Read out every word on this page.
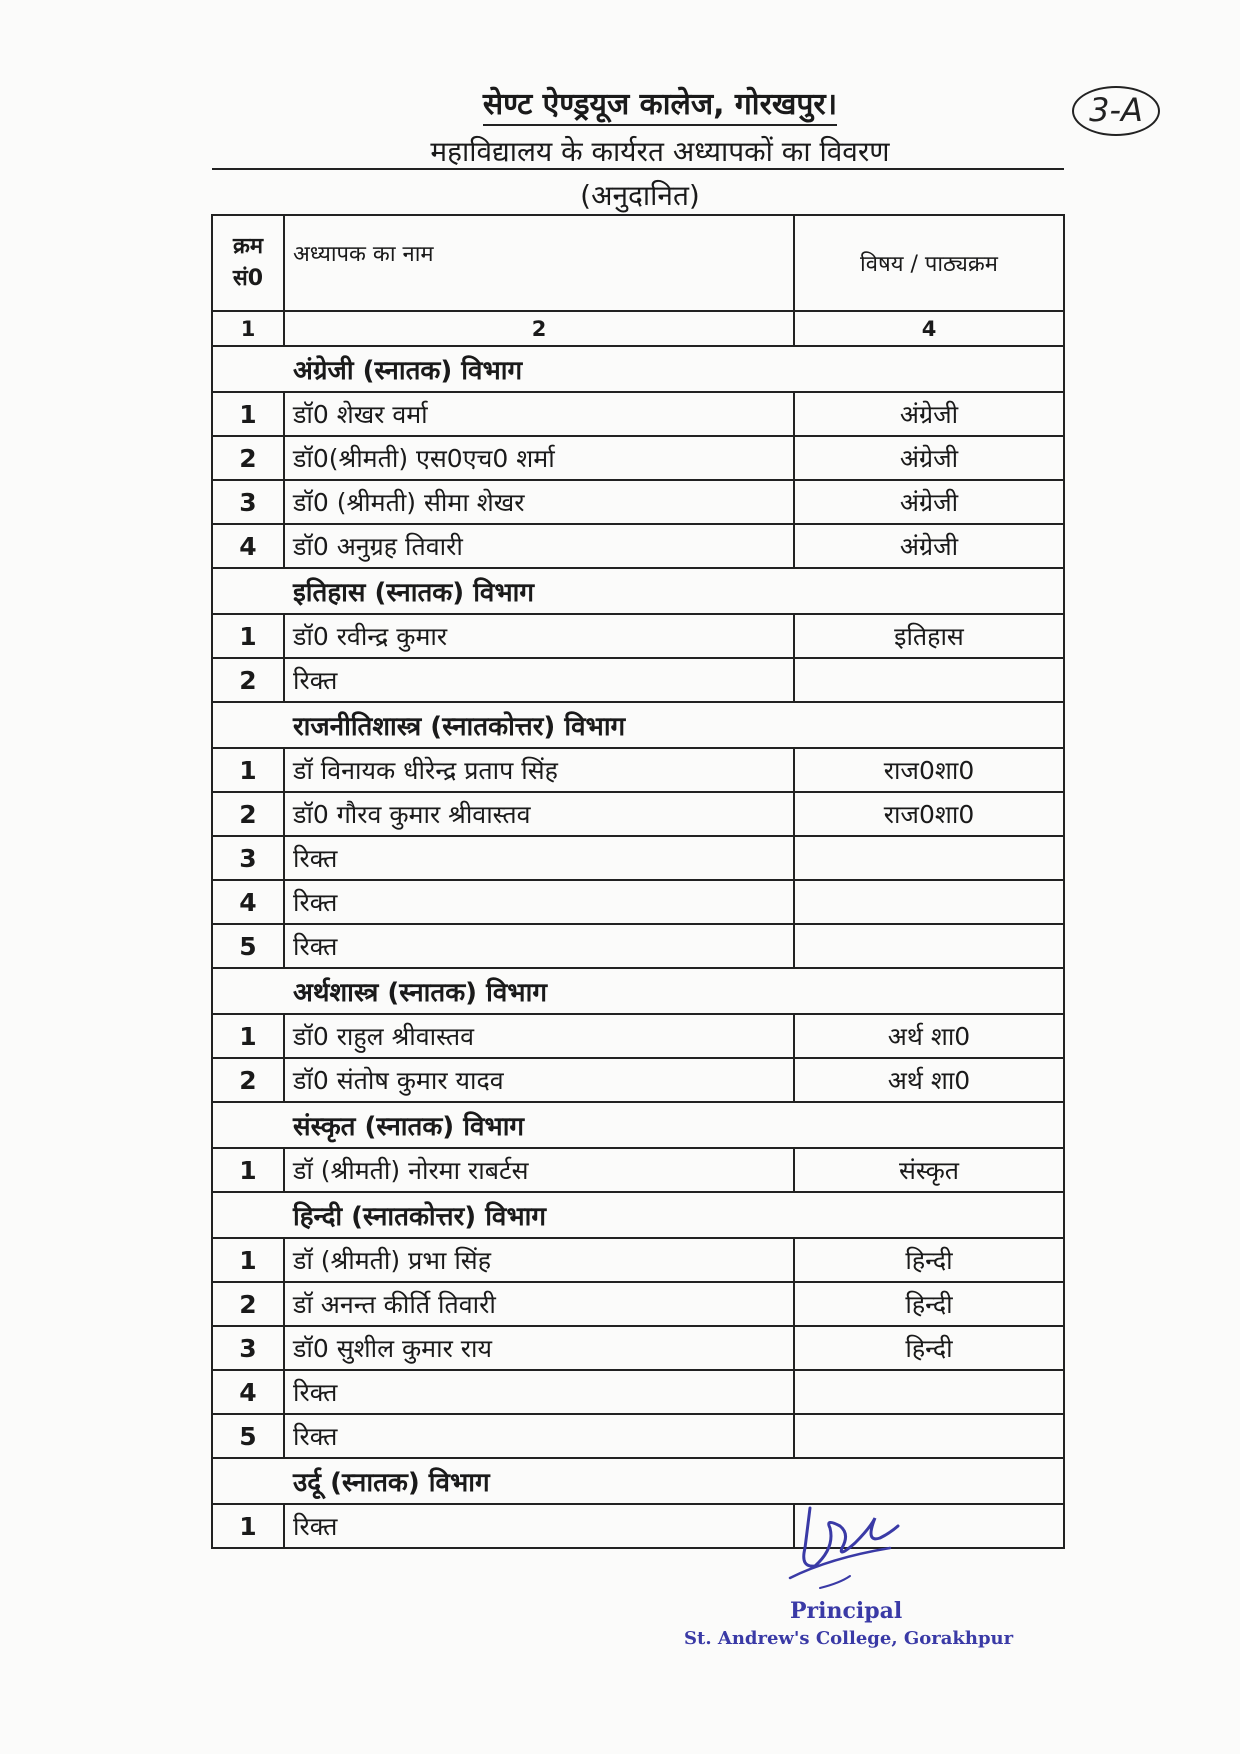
3-A
सेण्ट ऐण्ड्रयूज कालेज, गोरखपुर।
महाविद्यालय के कार्यरत अध्यापकों का विवरण
(अनुदानित)
क्रम सं0	अध्यापक का नाम	विषय / पाठ्यक्रम
1	2	4
अंग्रेजी (स्नातक) विभाग		
1	डॉ0 शेखर वर्मा	अंग्रेजी
2	डॉ0(श्रीमती) एस0एच0 शर्मा	अंग्रेजी
3	डॉ0 (श्रीमती) सीमा शेखर	अंग्रेजी
4	डॉ0 अनुग्रह तिवारी	अंग्रेजी
इतिहास (स्नातक) विभाग		
1	डॉ0 रवीन्द्र कुमार	इतिहास
2	रिक्त	
राजनीतिशास्त्र (स्नातकोत्तर) विभाग		
1	डॉ विनायक धीरेन्द्र प्रताप सिंह	राज0शा0
2	डॉ0 गौरव कुमार श्रीवास्तव	राज0शा0
3	रिक्त	
4	रिक्त	
5	रिक्त	
अर्थशास्त्र (स्नातक) विभाग		
1	डॉ0 राहुल श्रीवास्तव	अर्थ शा0
2	डॉ0 संतोष कुमार यादव	अर्थ शा0
संस्कृत (स्नातक) विभाग		
1	डॉ (श्रीमती) नोरमा राबर्टस	संस्कृत
हिन्दी (स्नातकोत्तर) विभाग		
1	डॉ (श्रीमती) प्रभा सिंह	हिन्दी
2	डॉ अनन्त कीर्ति तिवारी	हिन्दी
3	डॉ0 सुशील कुमार राय	हिन्दी
4	रिक्त	
5	रिक्त	
उर्दू (स्नातक) विभाग		
1	रिक्त	
Principal
St. Andrew's College, Gorakhpur
